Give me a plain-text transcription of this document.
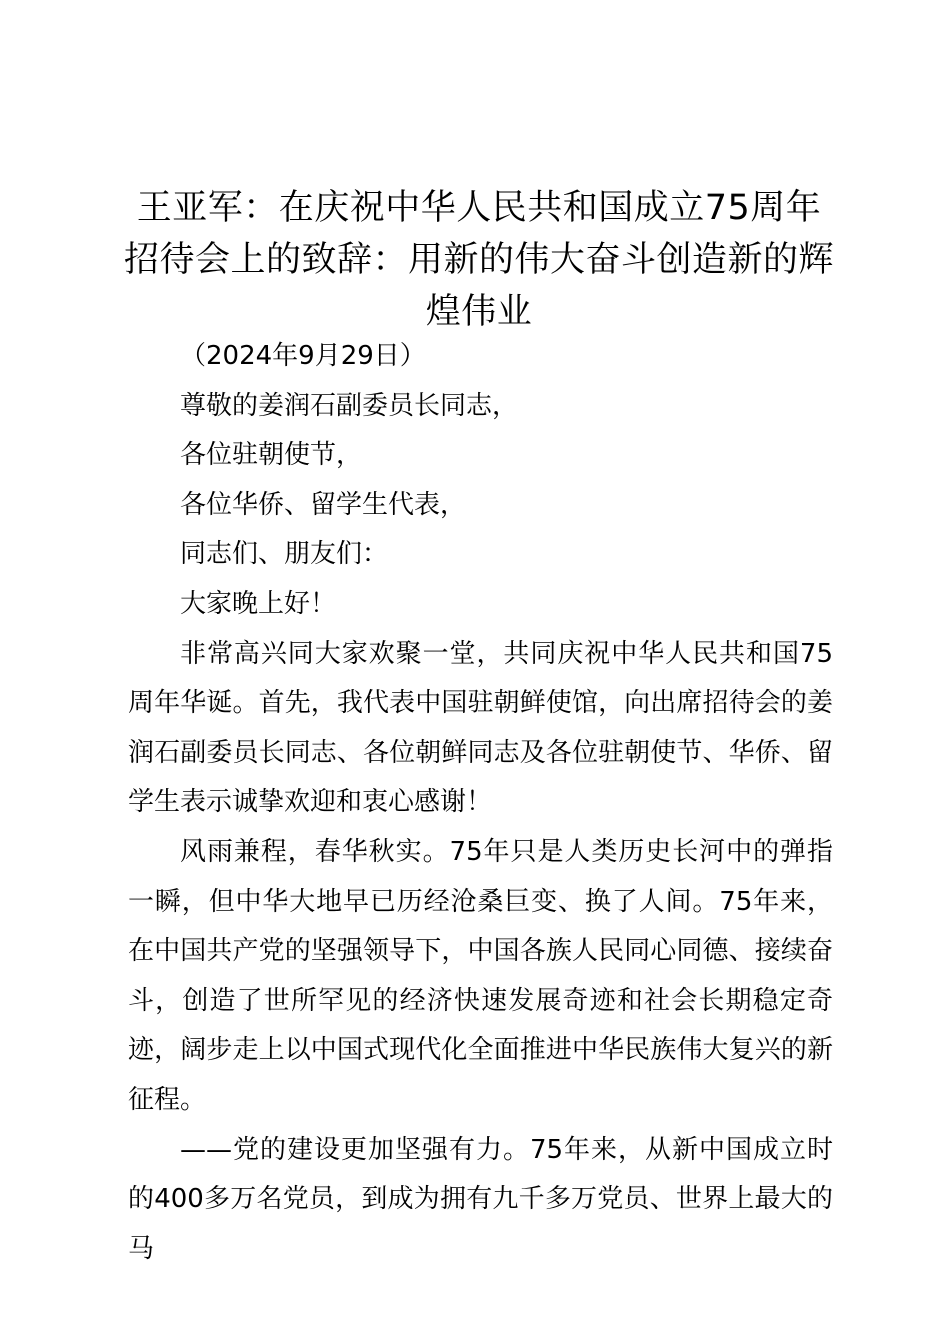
王亚军：在庆祝中华人民共和国成立75周年招待会上的致辞：用新的伟大奋斗创造新的辉煌伟业

（2024年9月29日）

尊敬的姜润石副委员长同志，

各位驻朝使节，

各位华侨、留学生代表，

同志们、朋友们：

大家晚上好！

非常高兴同大家欢聚一堂，共同庆祝中华人民共和国75周年华诞。首先，我代表中国驻朝鲜使馆，向出席招待会的姜润石副委员长同志、各位朝鲜同志及各位驻朝使节、华侨、留学生表示诚挚欢迎和衷心感谢！

风雨兼程，春华秋实。75年只是人类历史长河中的弹指一瞬，但中华大地早已历经沧桑巨变、换了人间。75年来，在中国共产党的坚强领导下，中国各族人民同心同德、接续奋斗，创造了世所罕见的经济快速发展奇迹和社会长期稳定奇迹，阔步走上以中国式现代化全面推进中华民族伟大复兴的新征程。

——党的建设更加坚强有力。75年来，从新中国成立时的400多万名党员，到成为拥有九千多万党员、世界上最大的马
